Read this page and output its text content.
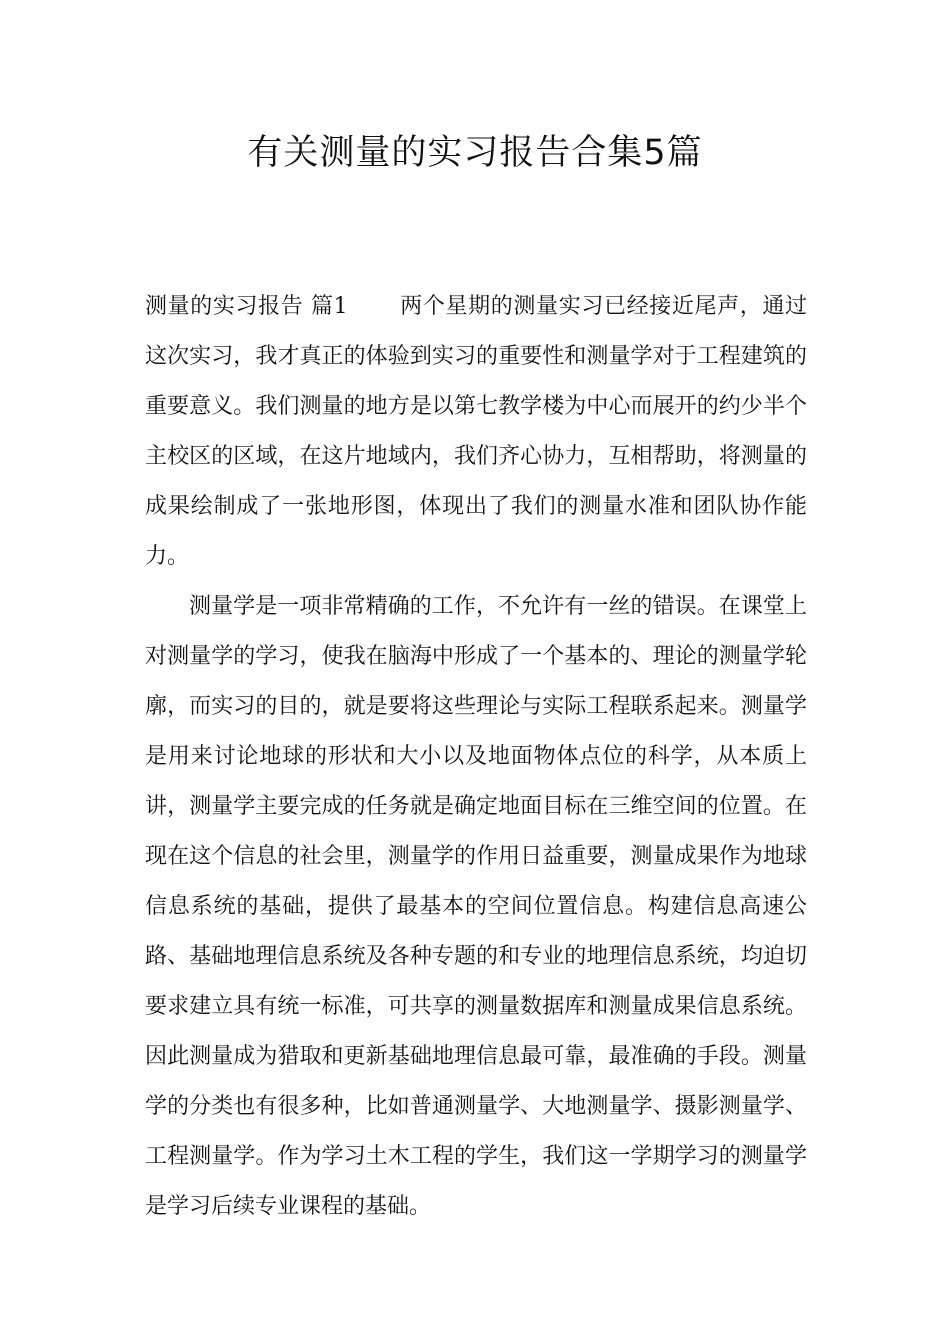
有关测量的实习报告合集5篇

测量的实习报告 篇1 两个星期的测量实习已经接近尾声，通过这次实习，我才真正的体验到实习的重要性和测量学对于工程建筑的重要意义。我们测量的地方是以第七教学楼为中心而展开的约少半个主校区的区域，在这片地域内，我们齐心协力，互相帮助，将测量的成果绘制成了一张地形图，体现出了我们的测量水准和团队协作能力。

测量学是一项非常精确的工作，不允许有一丝的错误。在课堂上对测量学的学习，使我在脑海中形成了一个基本的、理论的测量学轮廓，而实习的目的，就是要将这些理论与实际工程联系起来。测量学是用来讨论地球的形状和大小以及地面物体点位的科学，从本质上讲，测量学主要完成的任务就是确定地面目标在三维空间的位置。在现在这个信息的社会里，测量学的作用日益重要，测量成果作为地球信息系统的基础，提供了最基本的空间位置信息。构建信息高速公路、基础地理信息系统及各种专题的和专业的地理信息系统，均迫切要求建立具有统一标准，可共享的测量数据库和测量成果信息系统。因此测量成为猎取和更新基础地理信息最可靠，最准确的手段。测量学的分类也有很多种，比如普通测量学、大地测量学、摄影测量学、工程测量学。作为学习土木工程的学生，我们这一学期学习的测量学是学习后续专业课程的基础。
